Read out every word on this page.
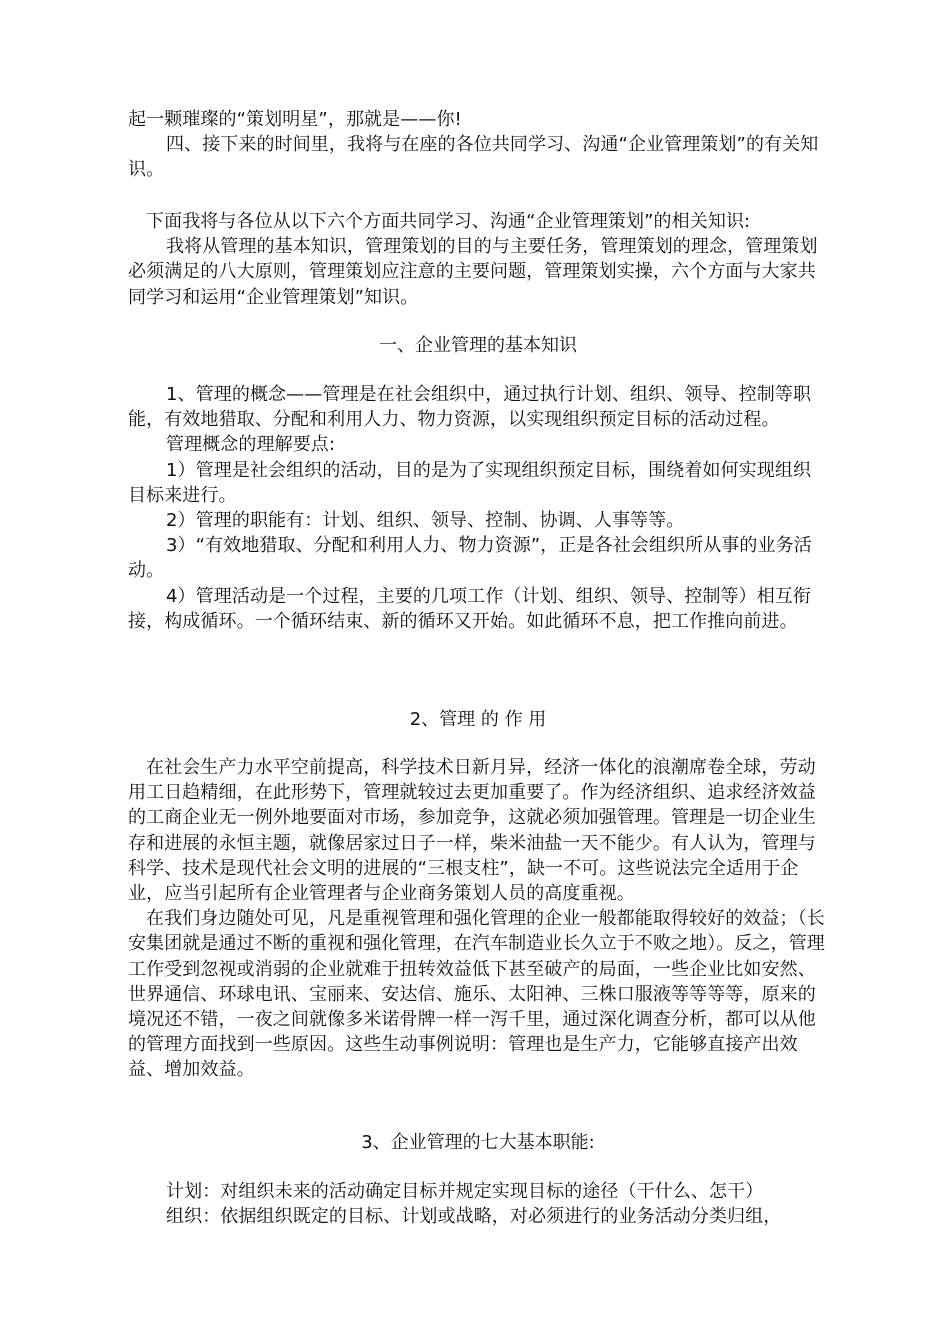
起一颗璀璨的“策划明星”，那就是——你!

四、接下来的时间里，我将与在座的各位共同学习、沟通“企业管理策划”的有关知识。

下面我将与各位从以下六个方面共同学习、沟通“企业管理策划”的相关知识:

我将从管理的基本知识，管理策划的目的与主要任务，管理策划的理念，管理策划必须满足的八大原则，管理策划应注意的主要问题，管理策划实操，六个方面与大家共同学习和运用“企业管理策划”知识。

一、企业管理的基本知识

1、管理的概念——管理是在社会组织中，通过执行计划、组织、领导、控制等职能，有效地猎取、分配和利用人力、物力资源，以实现组织预定目标的活动过程。

管理概念的理解要点:

1）管理是社会组织的活动，目的是为了实现组织预定目标，围绕着如何实现组织目标来进行。

2）管理的职能有：计划、组织、领导、控制、协调、人事等等。

3）“有效地猎取、分配和利用人力、物力资源”，正是各社会组织所从事的业务活动。

4）管理活动是一个过程，主要的几项工作（计划、组织、领导、控制等）相互衔接，构成循环。一个循环结束、新的循环又开始。如此循环不息，把工作推向前进。

2、管理 的 作 用

在社会生产力水平空前提高，科学技术日新月异，经济一体化的浪潮席卷全球，劳动用工日趋精细，在此形势下，管理就较过去更加重要了。作为经济组织、追求经济效益的工商企业无一例外地要面对市场，参加竞争，这就必须加强管理。管理是一切企业生存和进展的永恒主题，就像居家过日子一样，柴米油盐一天不能少。有人认为，管理与科学、技术是现代社会文明的进展的“三根支柱”，缺一不可。这些说法完全适用于企业，应当引起所有企业管理者与企业商务策划人员的高度重视。

在我们身边随处可见，凡是重视管理和强化管理的企业一般都能取得较好的效益；（长安集团就是通过不断的重视和强化管理，在汽车制造业长久立于不败之地）。反之，管理工作受到忽视或消弱的企业就难于扭转效益低下甚至破产的局面，一些企业比如安然、世界通信、环球电讯、宝丽来、安达信、施乐、太阳神、三株口服液等等等等，原来的境况还不错，一夜之间就像多米诺骨牌一样一泻千里，通过深化调查分析，都可以从他的管理方面找到一些原因。这些生动事例说明：管理也是生产力，它能够直接产出效益、增加效益。

3、企业管理的七大基本职能:

计划：对组织未来的活动确定目标并规定实现目标的途径（干什么、怎干）

组织：依据组织既定的目标、计划或战略，对必须进行的业务活动分类归组，
